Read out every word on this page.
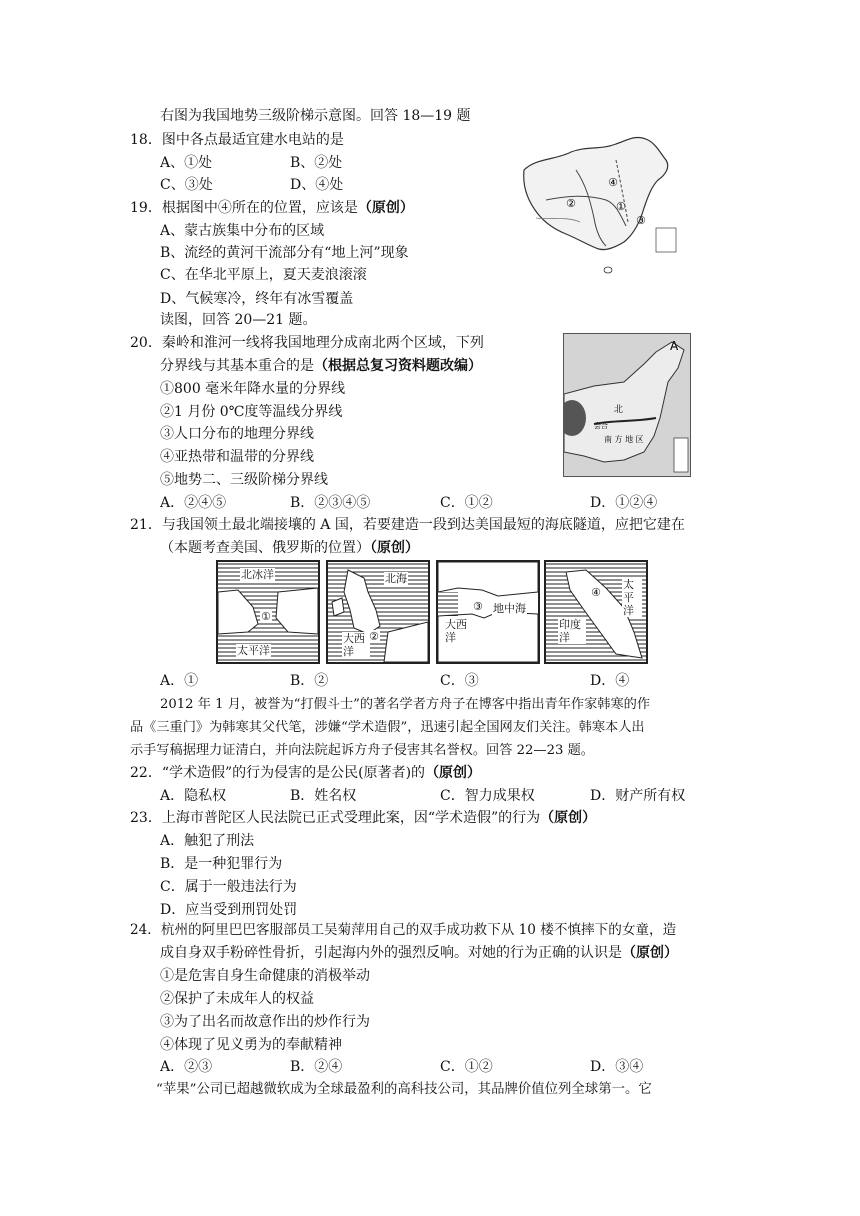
右图为我国地势三级阶梯示意图。回答 18—19 题
18．图中各点最适宜建水电站的是
A、①处	B、②处
C、③处	D、④处
19．根据图中④所在的位置，应该是（原创）
A、蒙古族集中分布的区域
B、流经的黄河干流部分有“地上河”现象
C、在华北平原上，夏天麦浪滚滚
D、气候寒冷，终年有冰雪覆盖
②
④
①
③
读图，回答 20—21 题。
20．秦岭和淮河一线将我国地理分成南北两个区域，下列
分界线与其基本重合的是（根据总复习资料题改编）
①800 毫米年降水量的分界线
②1 月份 0℃度等温线分界线
③人口分布的地理分界线
④亚热带和温带的分界线
⑤地势二、三级阶梯分界线
A．②④⑤	B．②③④⑤	C．①②	D．①②④
A
北
会合
南 方 地 区
21．与我国领土最北端接壤的 A 国，若要建造一段到达美国最短的海底隧道，应把它建在
（本题考查美国、俄罗斯的位置）（原创）
北冰洋
太平洋
①
北海
大西洋
②
大西洋
地中海
③
太平洋
印度洋
④
A．①	B．②	C．③	D．④
2012 年 1 月，被誉为“打假斗士”的著名学者方舟子在博客中指出青年作家韩寒的作
品《三重门》为韩寒其父代笔，涉嫌“学术造假”，迅速引起全国网友们关注。韩寒本人出
示手写稿据理力证清白，并向法院起诉方舟子侵害其名誉权。回答 22—23 题。
22．“学术造假”的行为侵害的是公民(原著者)的（原创）
A．隐私权	B．姓名权	C．智力成果权	D．财产所有权
23．上海市普陀区人民法院已正式受理此案，因“学术造假”的行为（原创）
A．触犯了刑法
B．是一种犯罪行为
C．属于一般违法行为
D．应当受到刑罚处罚
24．杭州的阿里巴巴客服部员工吴菊萍用自己的双手成功救下从 10 楼不慎摔下的女童，造
成自身双手粉碎性骨折，引起海内外的强烈反响。对她的行为正确的认识是（原创）
①是危害自身生命健康的消极举动
②保护了未成年人的权益
③为了出名而故意作出的炒作行为
④体现了见义勇为的奉献精神
A．②③	B．②④	C．①②	D．③④
“苹果”公司已超越微软成为全球最盈利的高科技公司，其品牌价值位列全球第一。它
